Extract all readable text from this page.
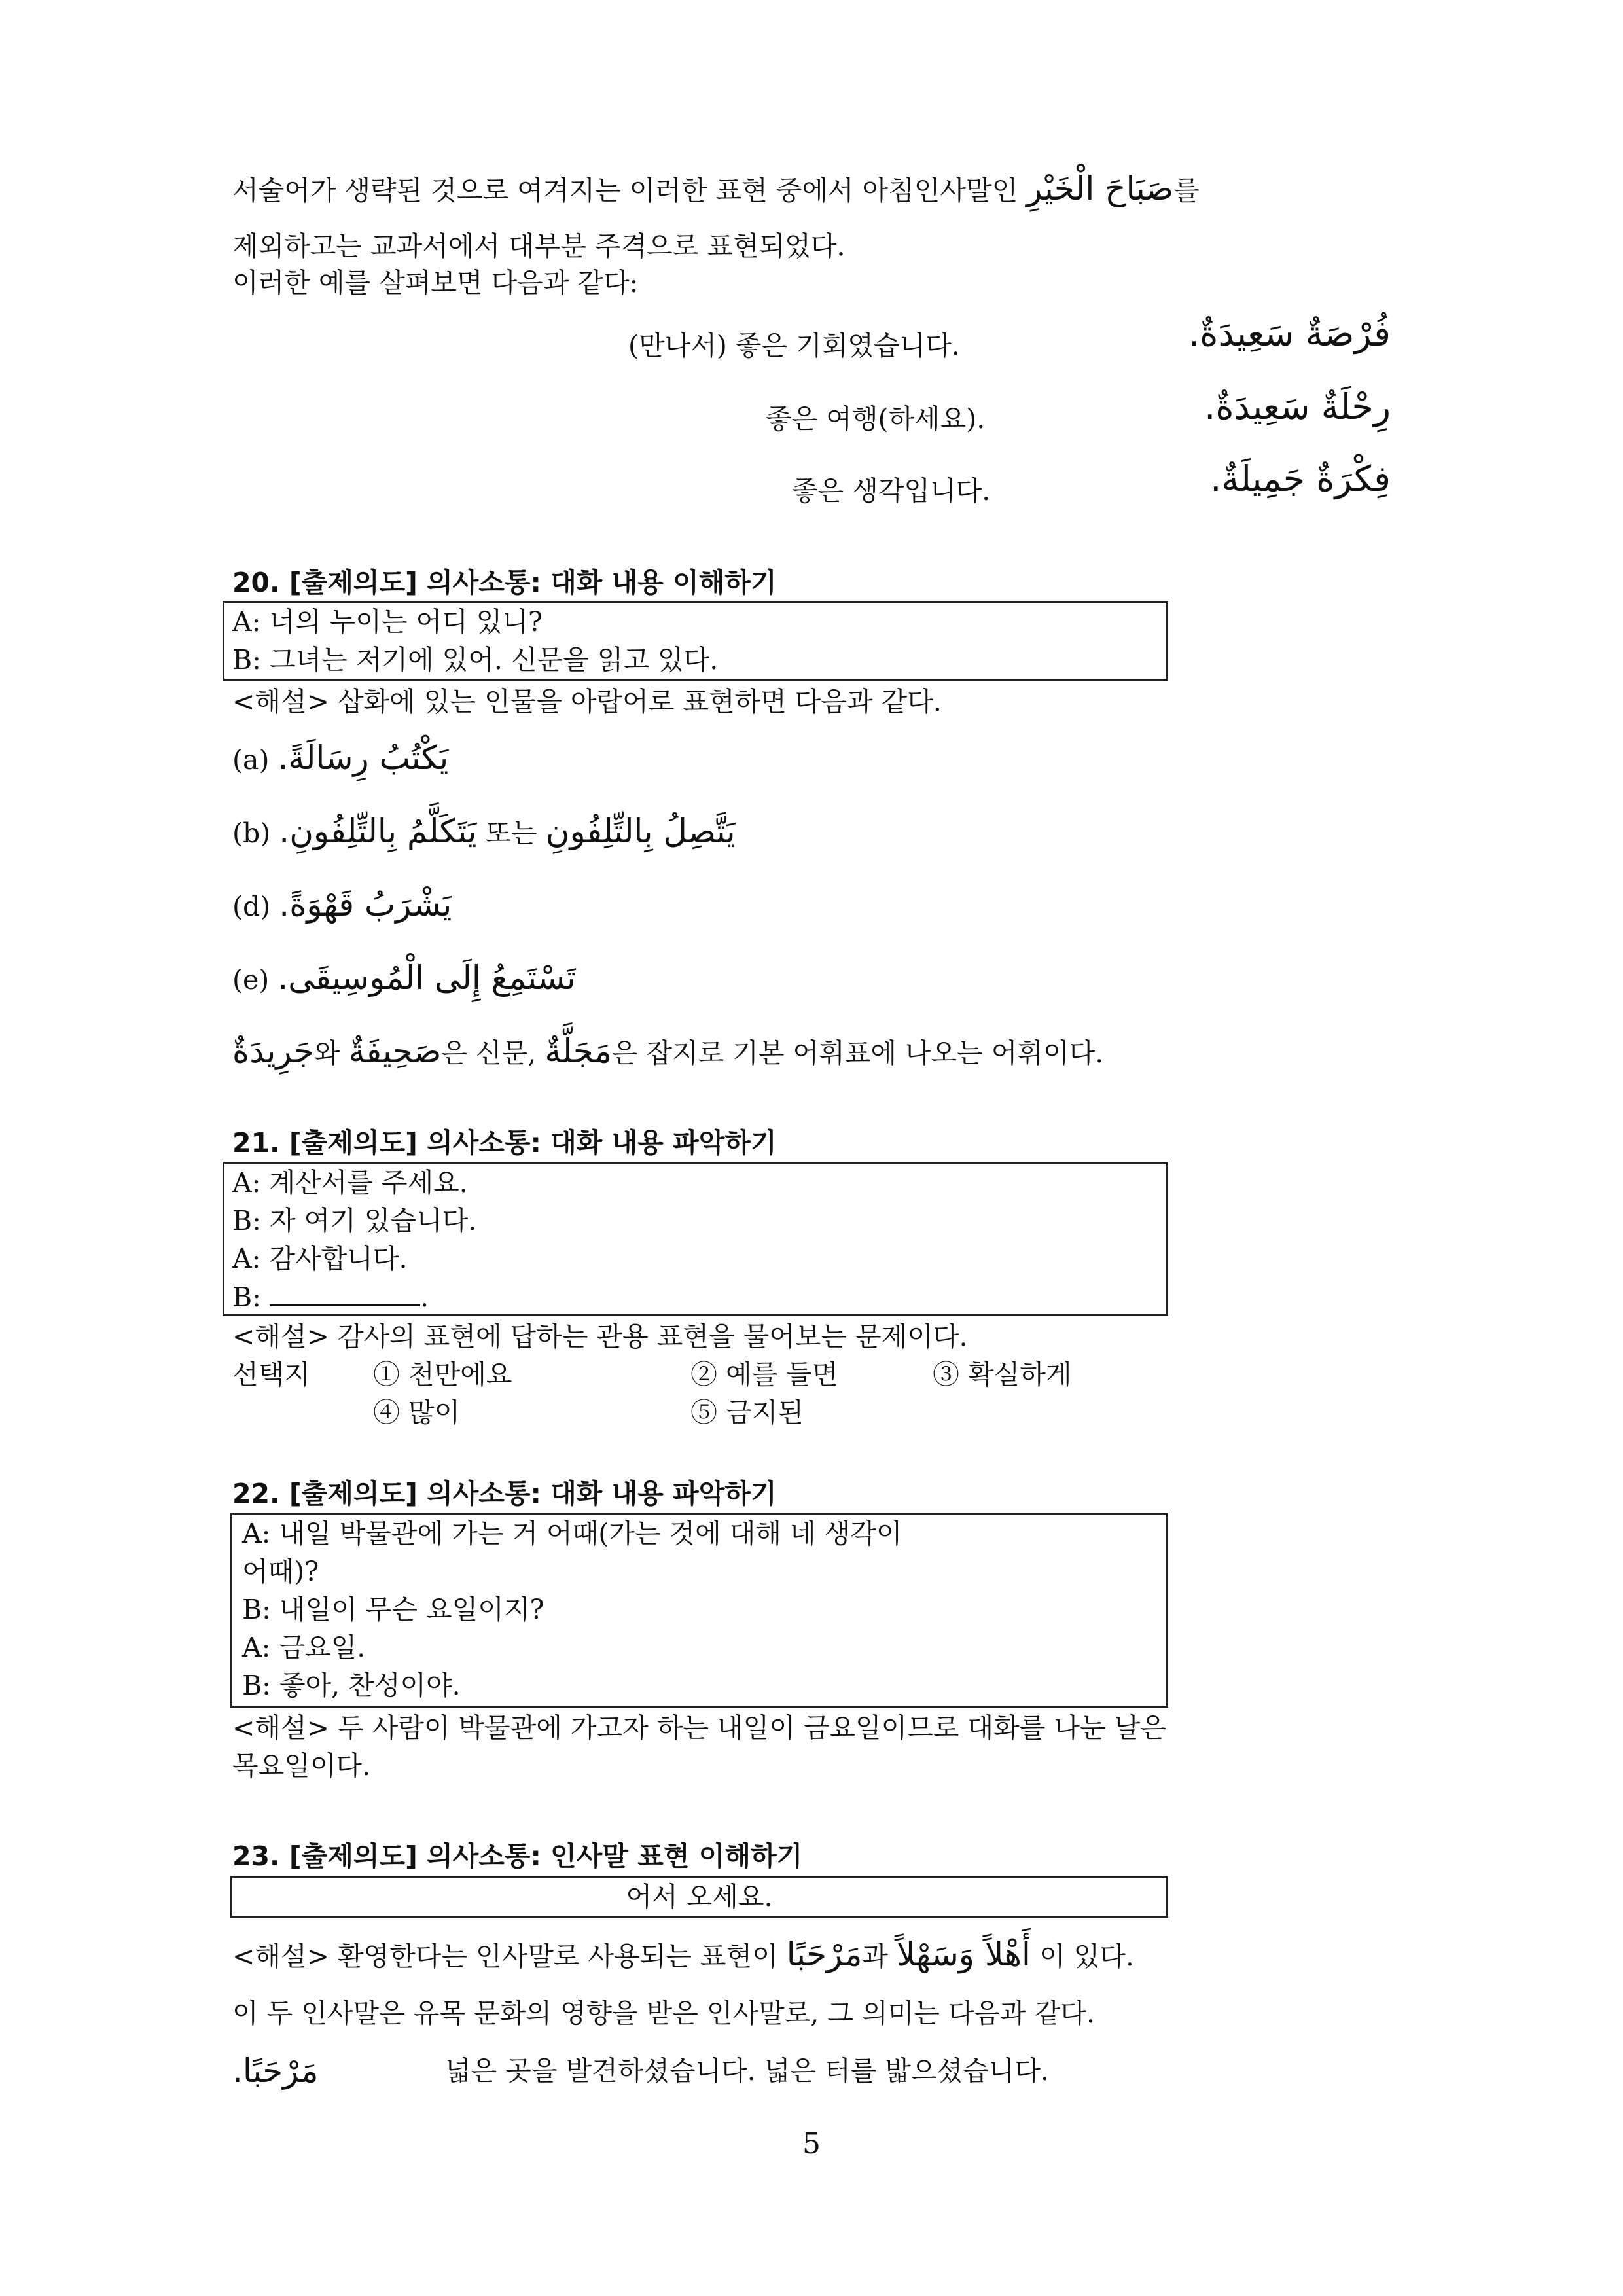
서술어가 생략된 것으로 여겨지는 이러한 표현 중에서 아침인사말인 صَبَاحَ الْخَيْرِ를
제외하고는 교과서에서 대부분 주격으로 표현되었다.
이러한 예를 살펴보면 다음과 같다:
(만나서) 좋은 기회였습니다.	فُرْصَةٌ سَعِيدَةٌ.
좋은 여행(하세요).	رِحْلَةٌ سَعِيدَةٌ.
좋은 생각입니다.	فِكْرَةٌ جَمِيلَةٌ.
20. [출제의도] 의사소통: 대화 내용 이해하기
A: 너의 누이는 어디 있니?
B: 그녀는 저기에 있어. 신문을 읽고 있다.
<해설> 삽화에 있는 인물을 아랍어로 표현하면 다음과 같다.
(a) يَكْتُبُ رِسَالَةً.
(b) يَتَكَلَّمُ بِالتِّلِفُونِ. 또는 يَتَّصِلُ بِالتِّلِفُونِ
(d) يَشْرَبُ قَهْوَةً.
(e) تَسْتَمِعُ إِلَى الْمُوسِيقَى.
جَرِيدَةٌ와 صَحِيفَةٌ은 신문, مَجَلَّةٌ은 잡지로 기본 어휘표에 나오는 어휘이다.
21. [출제의도] 의사소통: 대화 내용 파악하기
A: 계산서를 주세요.
B: 자 여기 있습니다.
A: 감사합니다.
B:	.
<해설> 감사의 표현에 답하는 관용 표현을 물어보는 문제이다.
선택지 ① 천만에요	② 예를 들면	③ 확실하게
④ 많이	⑤ 금지된
22. [출제의도] 의사소통: 대화 내용 파악하기
A: 내일 박물관에 가는 거 어때(가는 것에 대해 네 생각이
어때)?
B: 내일이 무슨 요일이지?
A: 금요일.
B: 좋아, 찬성이야.
<해설> 두 사람이 박물관에 가고자 하는 내일이 금요일이므로 대화를 나눈 날은
목요일이다.
23. [출제의도] 의사소통: 인사말 표현 이해하기
어서 오세요.
<해설> 환영한다는 인사말로 사용되는 표현이 مَرْحَبًا과 أَهْلاً وَسَهْلاً 이 있다.
이 두 인사말은 유목 문화의 영향을 받은 인사말로, 그 의미는 다음과 같다.
مَرْحَبًا.	넓은 곳을 발견하셨습니다. 넓은 터를 밟으셨습니다.
5
